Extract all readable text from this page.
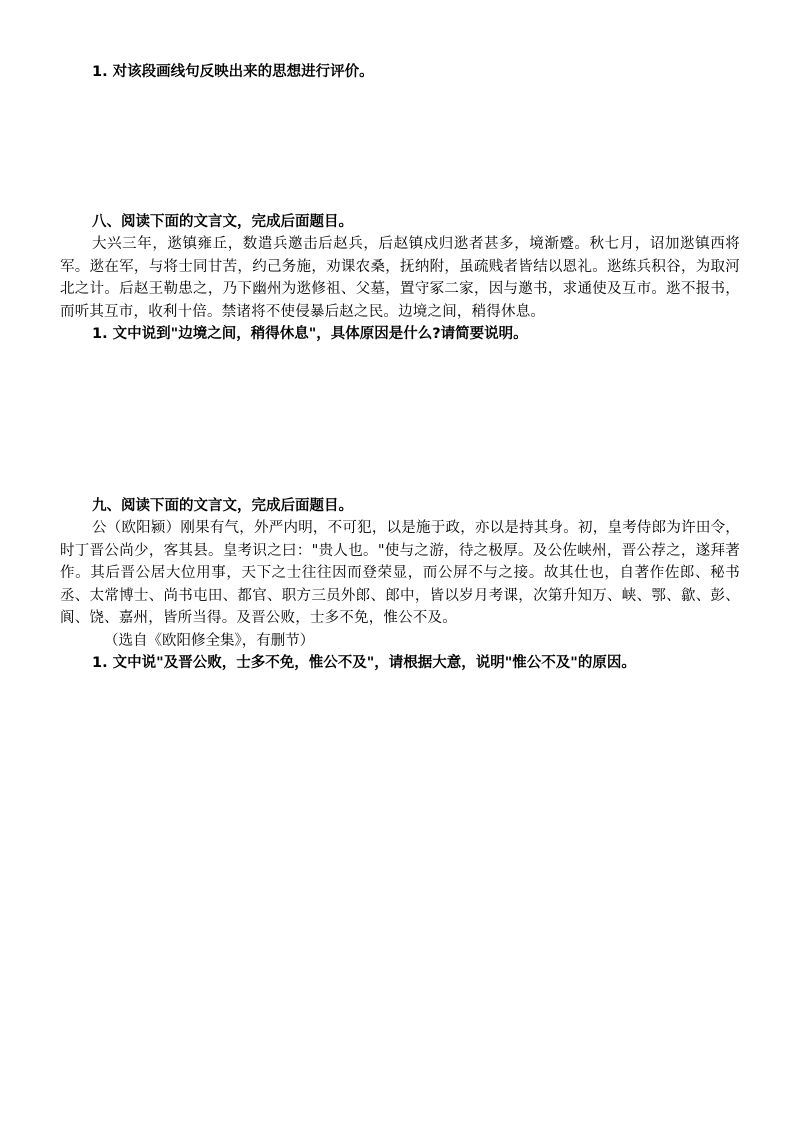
1. 对该段画线句反映出来的思想进行评价。

八、阅读下面的文言文，完成后面题目。

大兴三年，逖镇雍丘，数遣兵邀击后赵兵，后赵镇戍归逖者甚多，境渐蹙。秋七月，诏加逖镇西将军。逖在军，与将士同甘苦，约己务施，劝课农桑，抚纳附，虽疏贱者皆结以恩礼。逖练兵积谷，为取河北之计。后赵王勒患之，乃下幽州为逖修祖、父墓，置守冢二家，因与邀书，求通使及互市。逖不报书，而听其互市，收利十倍。禁诸将不使侵暴后赵之民。边境之间，稍得休息。

1. 文中说到"边境之间，稍得休息"，具体原因是什么?请简要说明。

九、阅读下面的文言文，完成后面题目。

公（欧阳颍）刚果有气，外严内明，不可犯，以是施于政，亦以是持其身。初，皇考侍郎为许田令，时丁晋公尚少，客其县。皇考识之曰："贵人也。"使与之游，待之极厚。及公佐峡州，晋公荐之，遂拜著作。其后晋公居大位用事，天下之士往往因而登荣显，而公屏不与之接。故其仕也，自著作佐郎、秘书丞、太常博士、尚书屯田、都官、职方三员外郎、郎中，皆以岁月考课，次第升知万、峡、鄂、歙、彭、阆、饶、嘉州，皆所当得。及晋公败，士多不免，惟公不及。

（选自《欧阳修全集》，有删节）

1. 文中说"及晋公败，士多不免，惟公不及"，请根据大意，说明"惟公不及"的原因。
